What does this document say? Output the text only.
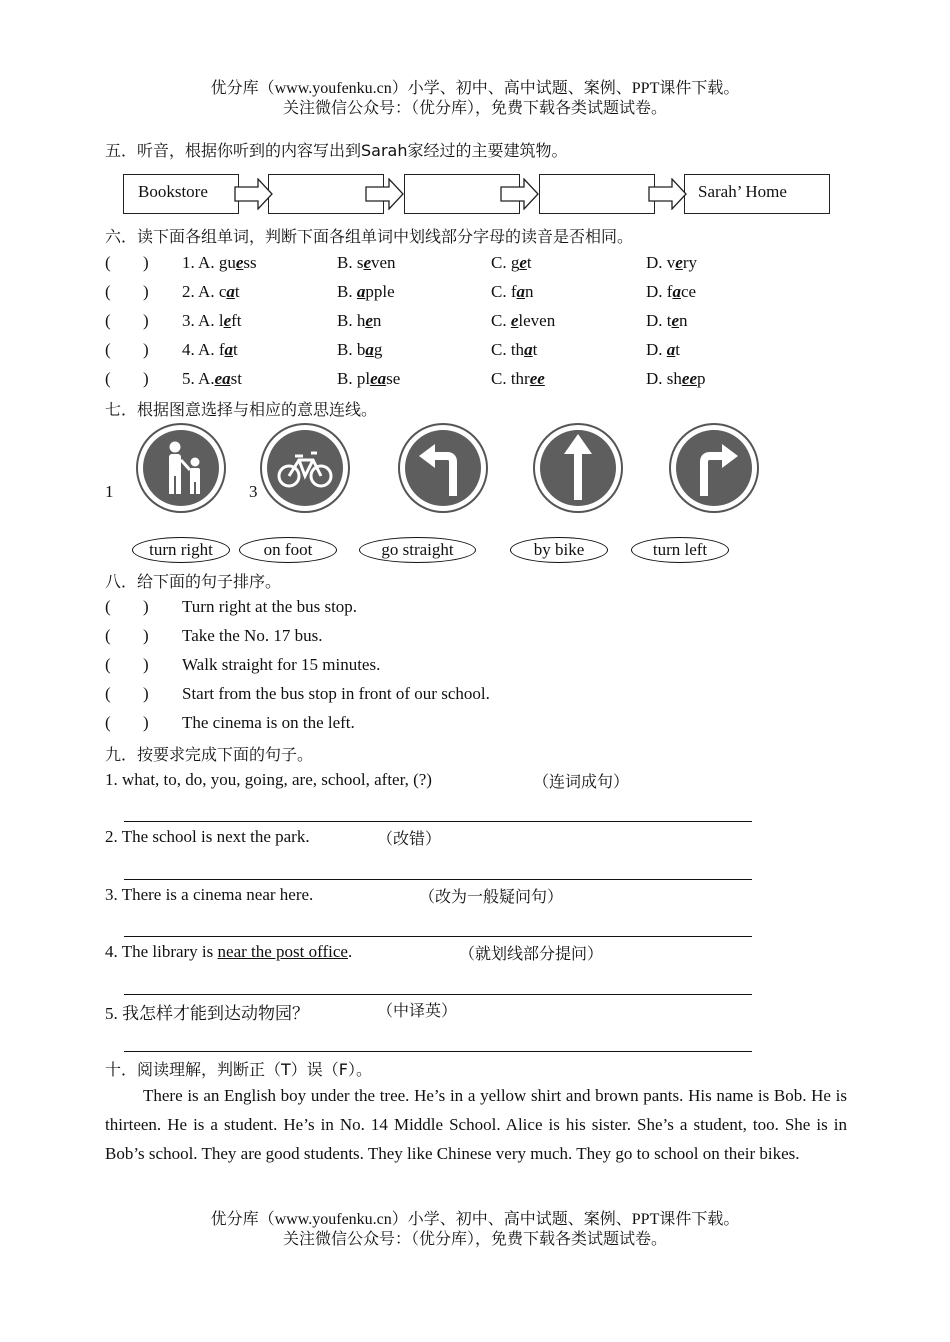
优分库（www.youfenku.cn）小学、初中、高中试题、案例、PPT课件下载。
关注微信公众号：（优分库），免费下载各类试题试卷。
五．听音，根据你听到的内容写出到Sarah家经过的主要建筑物。
Bookstore	Sarah’ Home
六．读下面各组单词，判断下面各组单词中划线部分字母的读音是否相同。
( ) 1. A. guess	B. seven	C. get	D. very
( ) 2. A. cat	B. apple	C. fan	D. face
( ) 3. A. left	B. hen	C. eleven	D. ten
( ) 4. A. fat	B. bag	C. that	D. at
( ) 5. A.east	B. please	C. three	D. sheep
七．根据图意选择与相应的意思连线。
1	3
turn right	on foot	go straight	by bike	turn left
八．给下面的句子排序。
( ) Turn right at the bus stop.
( ) Take the No. 17 bus.
( ) Walk straight for 15 minutes.
( ) Start from the bus stop in front of our school.
( ) The cinema is on the left.
九．按要求完成下面的句子。
1. what, to, do, you, going, are, school, after, (?)	（连词成句）
2. The school is next the park.	（改错）
3. There is a cinema near here.	（改为一般疑问句）
4. The library is near the post office.	（就划线部分提问）
5. 我怎样才能到达动物园？	（中译英）
十．阅读理解，判断正（T）误（F）。
There is an English boy under the tree. He’s in a yellow shirt and brown pants. His name is Bob. He is thirteen. He is a student. He’s in No. 14 Middle School. Alice is his sister. She’s a student, too. She is in Bob’s school. They are good students. They like Chinese very much. They go to school on their bikes.
优分库（www.youfenku.cn）小学、初中、高中试题、案例、PPT课件下载。
关注微信公众号：（优分库），免费下载各类试题试卷。
